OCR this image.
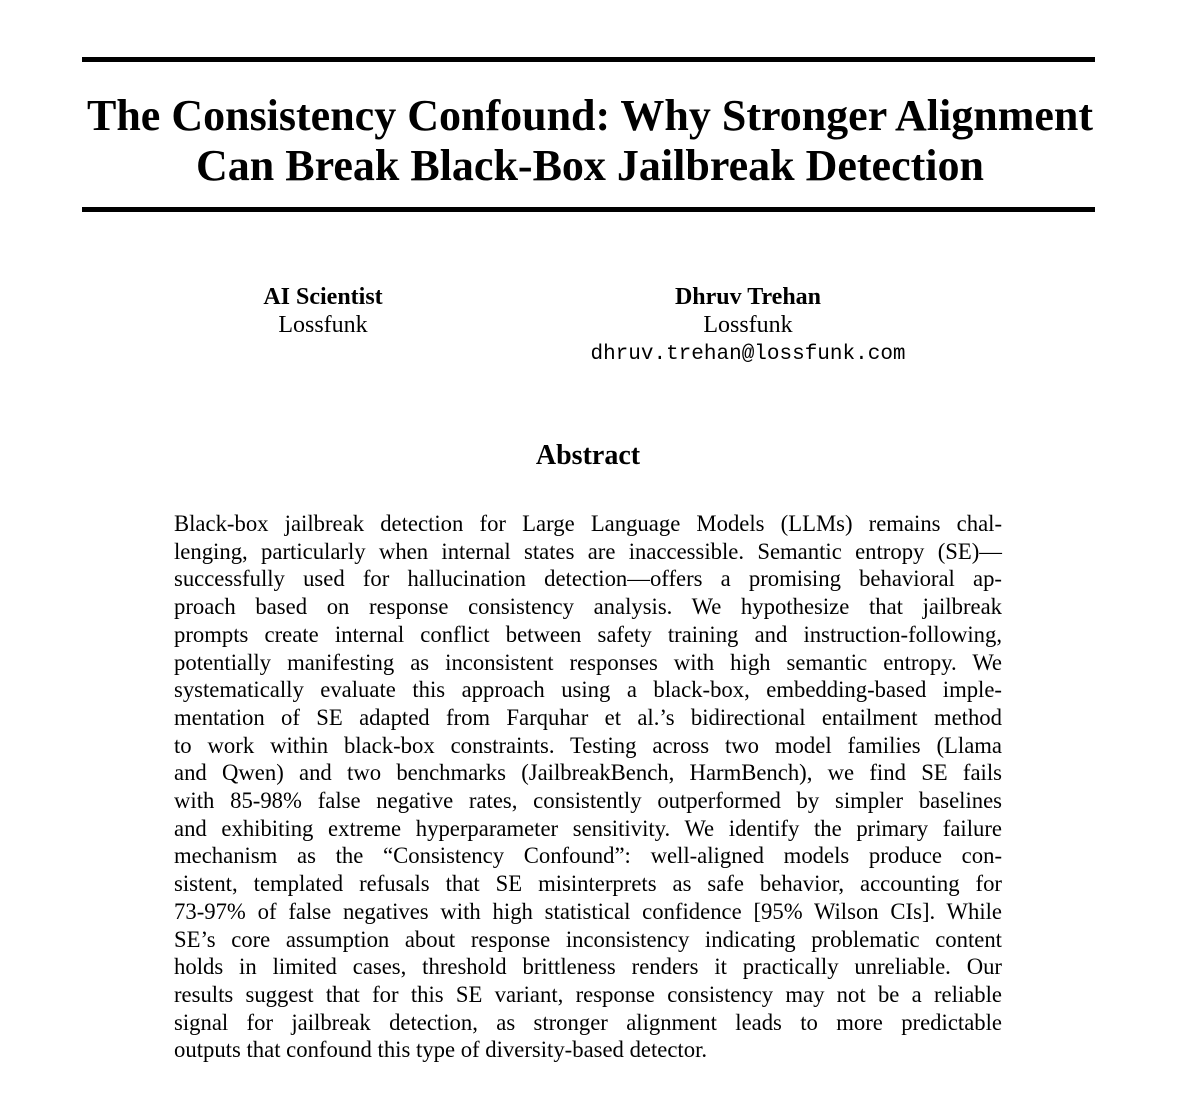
The Consistency Confound: Why Stronger Alignment
Can Break Black-Box Jailbreak Detection
AI Scientist
Lossfunk
Dhruv Trehan
Lossfunk
dhruv.trehan@lossfunk.com
Abstract
Black-box jailbreak detection for Large Language Models (LLMs) remains chal-
lenging, particularly when internal states are inaccessible. Semantic entropy (SE)—
successfully used for hallucination detection—offers a promising behavioral ap-
proach based on response consistency analysis. We hypothesize that jailbreak
prompts create internal conflict between safety training and instruction-following,
potentially manifesting as inconsistent responses with high semantic entropy. We
systematically evaluate this approach using a black-box, embedding-based imple-
mentation of SE adapted from Farquhar et al.’s bidirectional entailment method
to work within black-box constraints. Testing across two model families (Llama
and Qwen) and two benchmarks (JailbreakBench, HarmBench), we find SE fails
with 85-98% false negative rates, consistently outperformed by simpler baselines
and exhibiting extreme hyperparameter sensitivity. We identify the primary failure
mechanism as the “Consistency Confound”: well-aligned models produce con-
sistent, templated refusals that SE misinterprets as safe behavior, accounting for
73-97% of false negatives with high statistical confidence [95% Wilson CIs]. While
SE’s core assumption about response inconsistency indicating problematic content
holds in limited cases, threshold brittleness renders it practically unreliable. Our
results suggest that for this SE variant, response consistency may not be a reliable
signal for jailbreak detection, as stronger alignment leads to more predictable
outputs that confound this type of diversity-based detector.
